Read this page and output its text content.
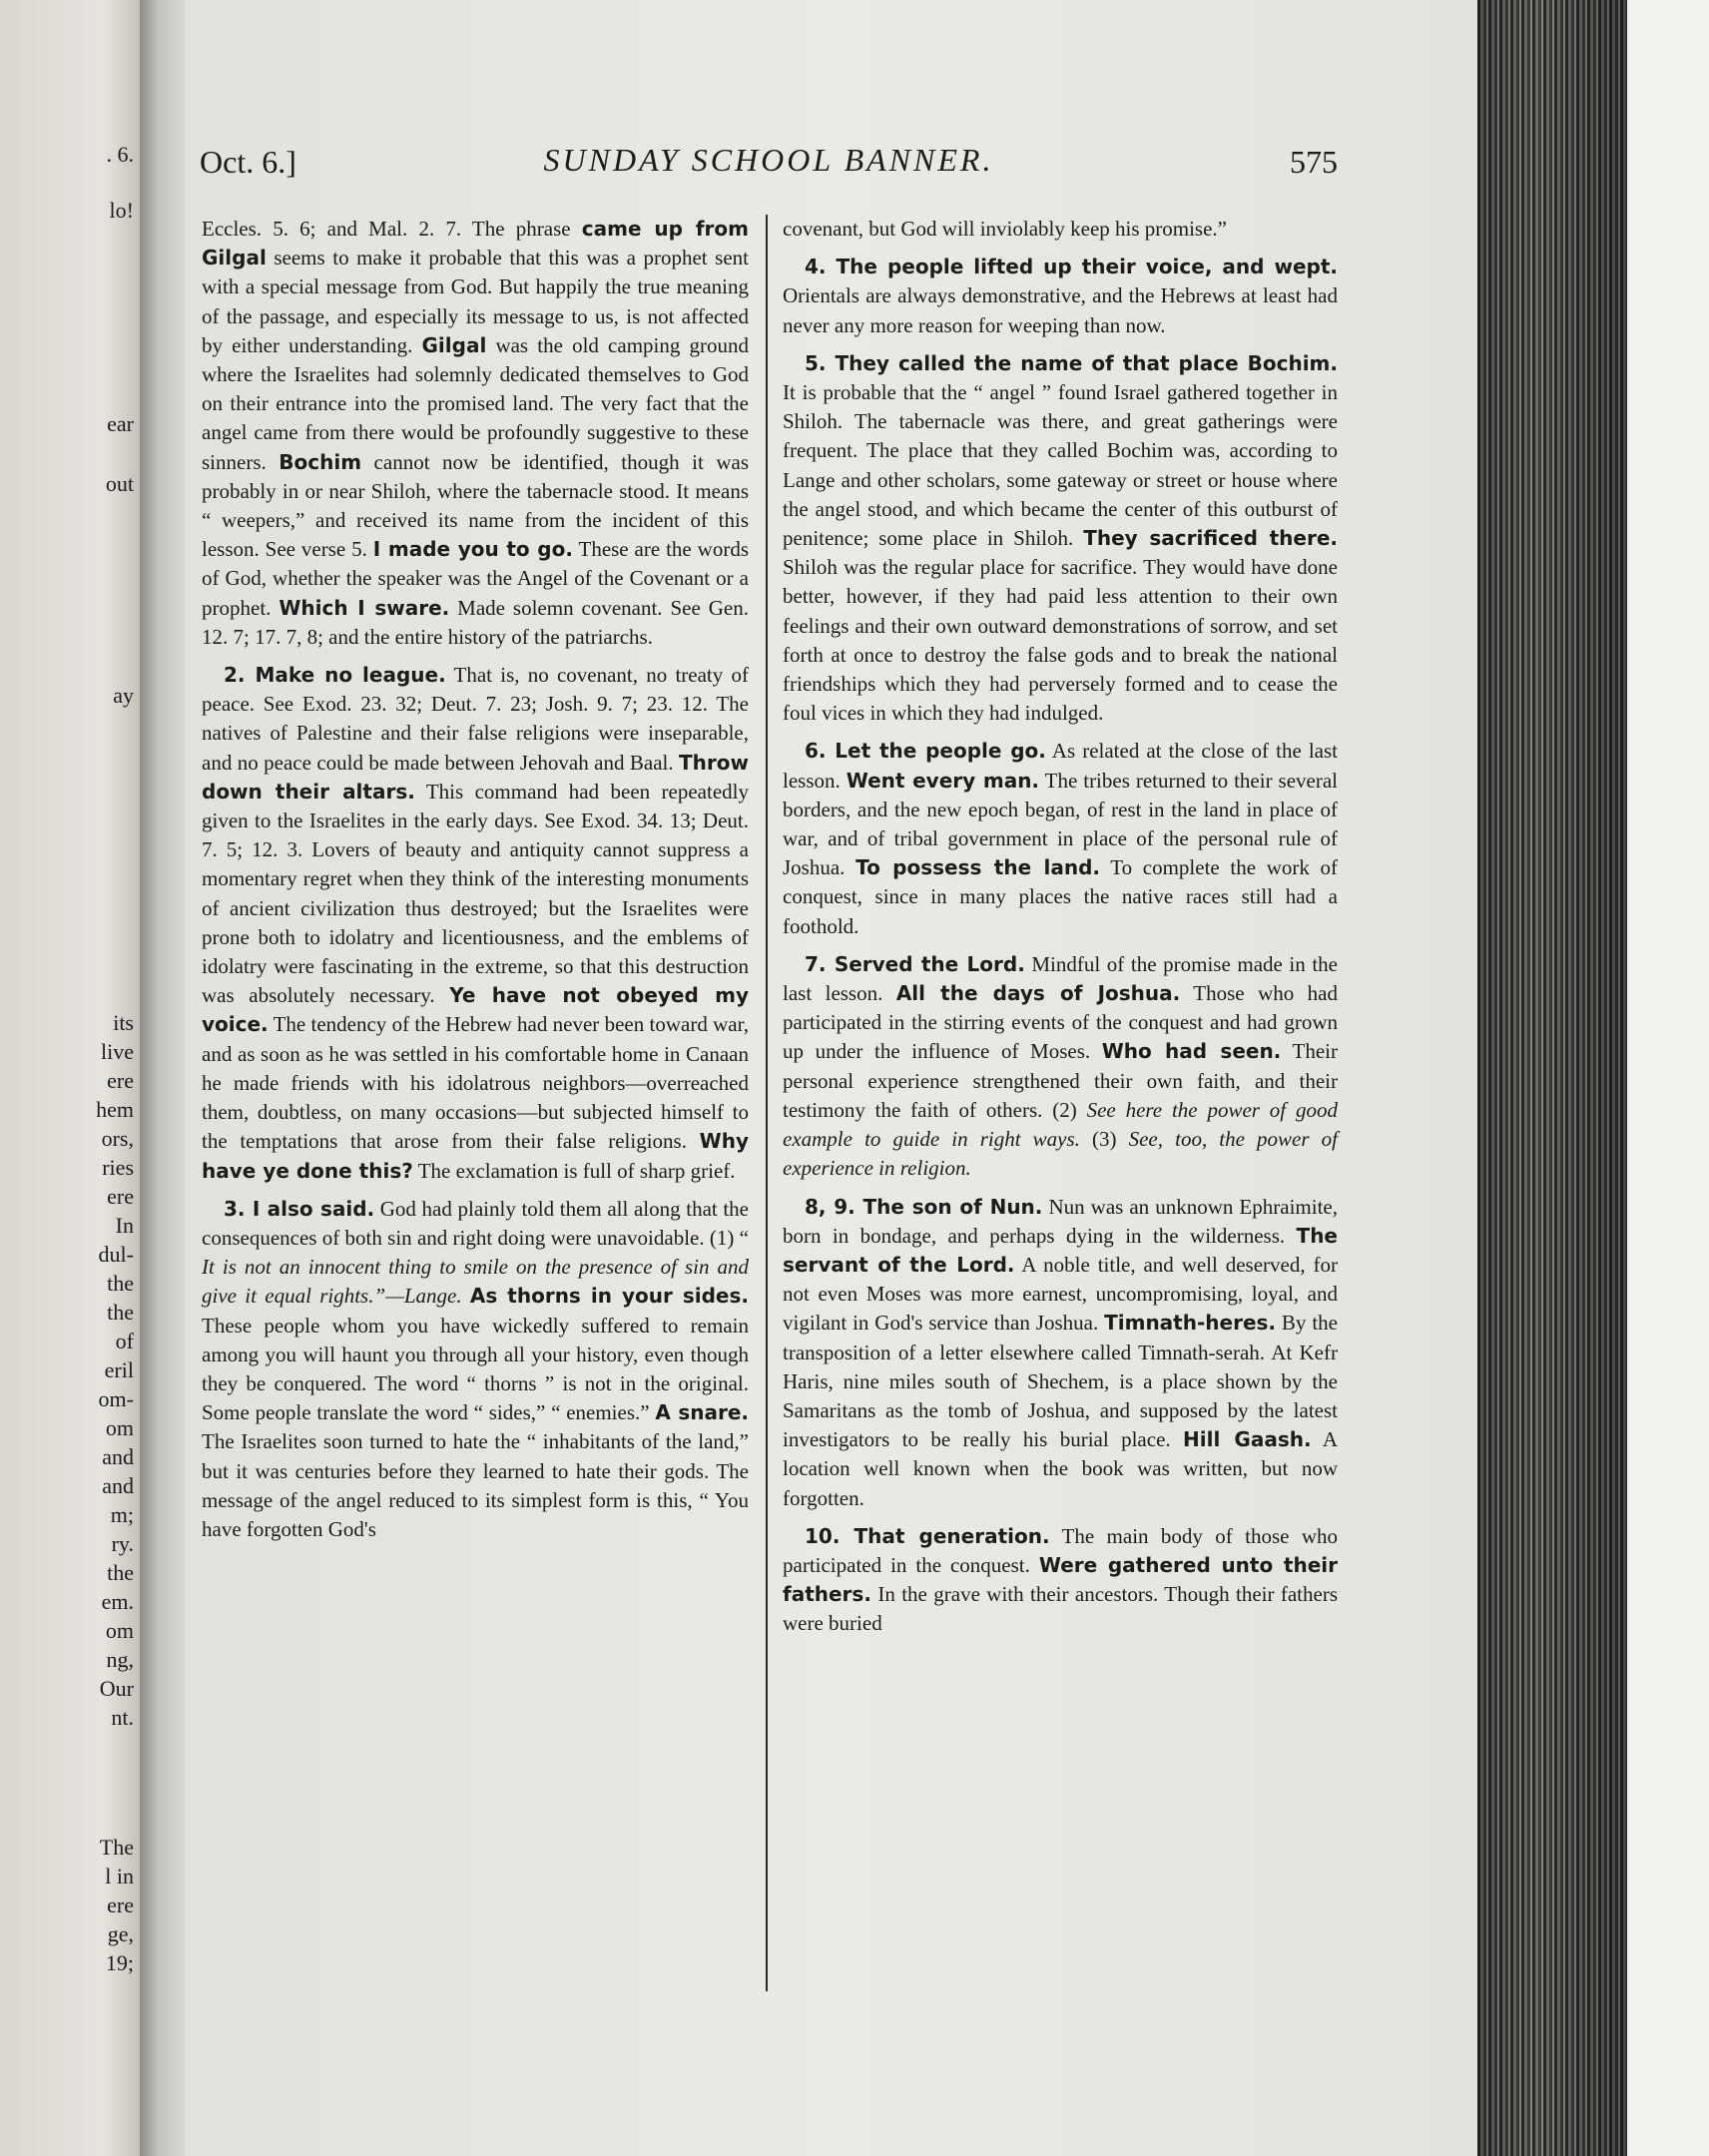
. 6.
lo!
ear
out
ay
its
live
ere
hem
ors,
ries
ere
In
dul-
the
the
of
eril
om-
om
and
and
m;
ry.
the
em.
om
ng,
Our
nt.
The
l in
ere
ge,
19;
Oct. 6.]	SUNDAY SCHOOL BANNER.	575

Eccles. 5. 6; and Mal. 2. 7. The phrase came up from Gilgal seems to make it probable that this was a prophet sent with a special message from God. But happily the true meaning of the passage, and especially its message to us, is not affected by either understanding. Gilgal was the old camping ground where the Israelites had solemnly dedicated themselves to God on their entrance into the promised land. The very fact that the angel came from there would be profoundly suggestive to these sinners. Bochim cannot now be identified, though it was probably in or near Shiloh, where the tabernacle stood. It means “ weepers,” and received its name from the incident of this lesson. See verse 5. I made you to go. These are the words of God, whether the speaker was the Angel of the Covenant or a prophet. Which I sware. Made solemn covenant. See Gen. 12. 7; 17. 7, 8; and the entire history of the patriarchs.

2. Make no league. That is, no covenant, no treaty of peace. See Exod. 23. 32; Deut. 7. 23; Josh. 9. 7; 23. 12. The natives of Palestine and their false religions were inseparable, and no peace could be made between Jehovah and Baal. Throw down their altars. This command had been repeatedly given to the Israelites in the early days. See Exod. 34. 13; Deut. 7. 5; 12. 3. Lovers of beauty and antiquity cannot suppress a momentary regret when they think of the interesting monuments of ancient civilization thus destroyed; but the Israelites were prone both to idolatry and licentiousness, and the emblems of idolatry were fascinating in the extreme, so that this destruction was absolutely necessary. Ye have not obeyed my voice. The tendency of the Hebrew had never been toward war, and as soon as he was settled in his comfortable home in Canaan he made friends with his idolatrous neighbors—overreached them, doubtless, on many occasions—but subjected himself to the temptations that arose from their false religions. Why have ye done this? The exclamation is full of sharp grief.

3. I also said. God had plainly told them all along that the consequences of both sin and right doing were unavoidable. (1) “ It is not an innocent thing to smile on the presence of sin and give it equal rights.”—Lange. As thorns in your sides. These people whom you have wickedly suffered to remain among you will haunt you through all your history, even though they be conquered. The word “ thorns ” is not in the original. Some people translate the word “ sides,” “ enemies.” A snare. The Israelites soon turned to hate the “ inhabitants of the land,” but it was centuries before they learned to hate their gods. The message of the angel reduced to its simplest form is this, “ You have forgotten God's

covenant, but God will inviolably keep his promise.”

4. The people lifted up their voice, and wept. Orientals are always demonstrative, and the Hebrews at least had never any more reason for weeping than now.

5. They called the name of that place Bochim. It is probable that the “ angel ” found Israel gathered together in Shiloh. The tabernacle was there, and great gatherings were frequent. The place that they called Bochim was, according to Lange and other scholars, some gateway or street or house where the angel stood, and which became the center of this outburst of penitence; some place in Shiloh. They sacrificed there. Shiloh was the regular place for sacrifice. They would have done better, however, if they had paid less attention to their own feelings and their own outward demonstrations of sorrow, and set forth at once to destroy the false gods and to break the national friendships which they had perversely formed and to cease the foul vices in which they had indulged.

6. Let the people go. As related at the close of the last lesson. Went every man. The tribes returned to their several borders, and the new epoch began, of rest in the land in place of war, and of tribal government in place of the personal rule of Joshua. To possess the land. To complete the work of conquest, since in many places the native races still had a foothold.

7. Served the Lord. Mindful of the promise made in the last lesson. All the days of Joshua. Those who had participated in the stirring events of the conquest and had grown up under the influence of Moses. Who had seen. Their personal experience strengthened their own faith, and their testimony the faith of others. (2) See here the power of good example to guide in right ways. (3) See, too, the power of experience in religion.

8, 9. The son of Nun. Nun was an unknown Ephraimite, born in bondage, and perhaps dying in the wilderness. The servant of the Lord. A noble title, and well deserved, for not even Moses was more earnest, uncompromising, loyal, and vigilant in God's service than Joshua. Timnath-heres. By the transposition of a letter elsewhere called Timnath-serah. At Kefr Haris, nine miles south of Shechem, is a place shown by the Samaritans as the tomb of Joshua, and supposed by the latest investigators to be really his burial place. Hill Gaash. A location well known when the book was written, but now forgotten.

10. That generation. The main body of those who participated in the conquest. Were gathered unto their fathers. In the grave with their ancestors. Though their fathers were buried
